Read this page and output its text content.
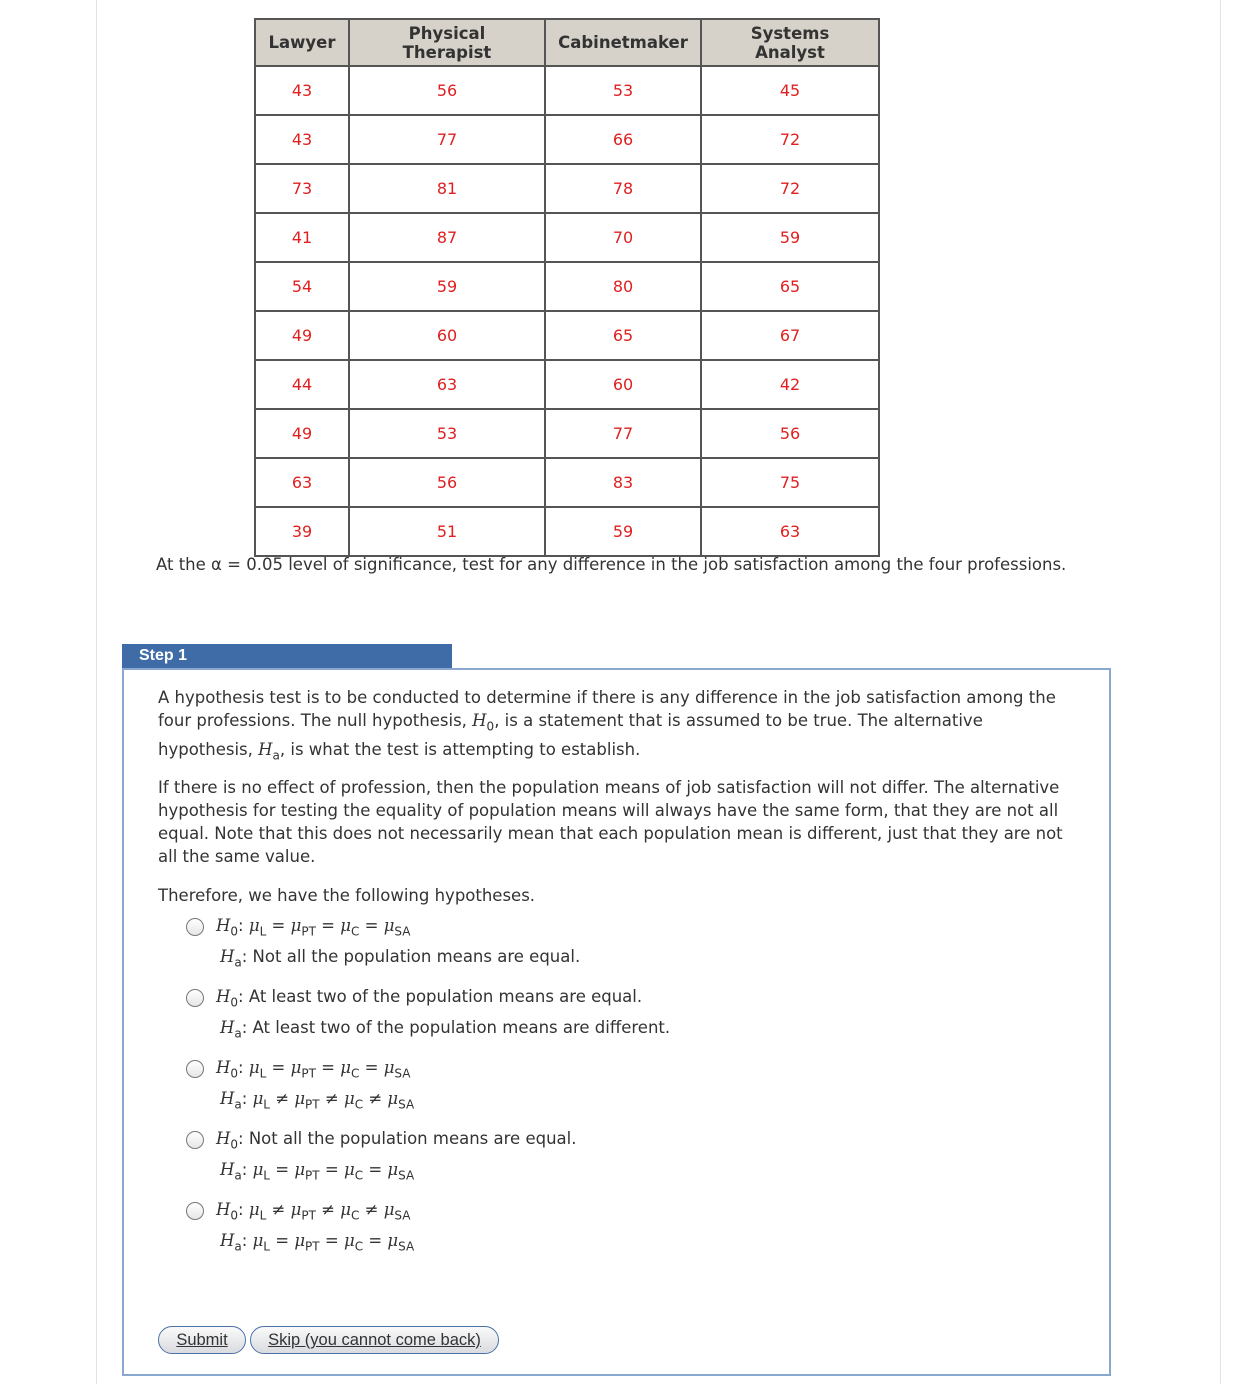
Lawyer	Physical Therapist	Cabinetmaker	Systems Analyst
43	56	53	45
43	77	66	72
73	81	78	72
41	87	70	59
54	59	80	65
49	60	65	67
44	63	60	42
49	53	77	56
63	56	83	75
39	51	59	63
At the α = 0.05 level of significance, test for any difference in the job satisfaction among the four professions.
Step 1
A hypothesis test is to be conducted to determine if there is any difference in the job satisfaction among the four professions. The null hypothesis, $H_0$, is a statement that is assumed to be true. The alternative hypothesis, $H_a$, is what the test is attempting to establish.
If there is no effect of profession, then the population means of job satisfaction will not differ. The alternative hypothesis for testing the equality of population means will always have the same form, that they are not all equal. Note that this does not necessarily mean that each population mean is different, just that they are not all the same value.
Therefore, we have the following hypotheses.
$H_0$: $\mu_L = \mu_{PT} = \mu_C = \mu_{SA}$
$H_a$: Not all the population means are equal.
$H_0$: At least two of the population means are equal.
$H_a$: At least two of the population means are different.
$H_0$: $\mu_L = \mu_{PT} = \mu_C = \mu_{SA}$
$H_a$: $\mu_L \ne \mu_{PT} \ne \mu_C \ne \mu_{SA}$
$H_0$: Not all the population means are equal.
$H_a$: $\mu_L = \mu_{PT} = \mu_C = \mu_{SA}$
$H_0$: $\mu_L \ne \mu_{PT} \ne \mu_C \ne \mu_{SA}$
$H_a$: $\mu_L = \mu_{PT} = \mu_C = \mu_{SA}$
Submit	Skip (you cannot come back)
